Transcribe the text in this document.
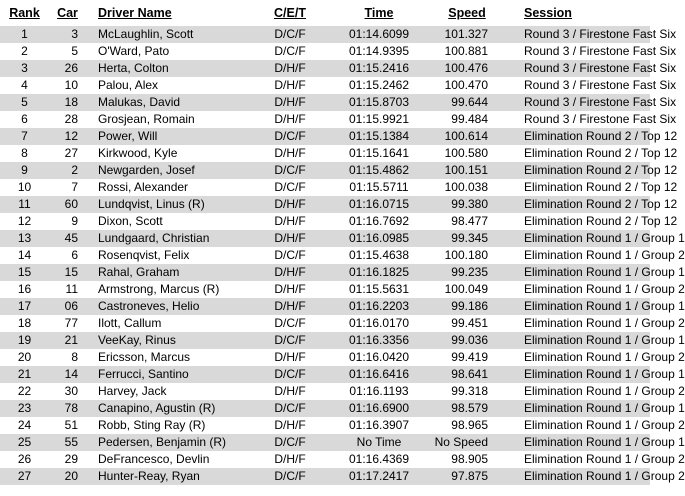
Rank	Car	Driver Name	C/E/T	Time	Speed	Session
1	3	McLaughlin, Scott	D/C/F	01:14.6099	101.327	Round 3 / Firestone Fast Six
2	5	O'Ward, Pato	D/C/F	01:14.9395	100.881	Round 3 / Firestone Fast Six
3	26	Herta, Colton	D/H/F	01:15.2416	100.476	Round 3 / Firestone Fast Six
4	10	Palou, Alex	D/H/F	01:15.2462	100.470	Round 3 / Firestone Fast Six
5	18	Malukas, David	D/H/F	01:15.8703	99.644	Round 3 / Firestone Fast Six
6	28	Grosjean, Romain	D/H/F	01:15.9921	99.484	Round 3 / Firestone Fast Six
7	12	Power, Will	D/C/F	01:15.1384	100.614	Elimination Round 2 / Top 12
8	27	Kirkwood, Kyle	D/H/F	01:15.1641	100.580	Elimination Round 2 / Top 12
9	2	Newgarden, Josef	D/C/F	01:15.4862	100.151	Elimination Round 2 / Top 12
10	7	Rossi, Alexander	D/C/F	01:15.5711	100.038	Elimination Round 2 / Top 12
11	60	Lundqvist, Linus (R)	D/H/F	01:16.0715	99.380	Elimination Round 2 / Top 12
12	9	Dixon, Scott	D/H/F	01:16.7692	98.477	Elimination Round 2 / Top 12
13	45	Lundgaard, Christian	D/H/F	01:16.0985	99.345	Elimination Round 1 / Group 1
14	6	Rosenqvist, Felix	D/C/F	01:15.4638	100.180	Elimination Round 1 / Group 2
15	15	Rahal, Graham	D/H/F	01:16.1825	99.235	Elimination Round 1 / Group 1
16	11	Armstrong, Marcus (R)	D/H/F	01:15.5631	100.049	Elimination Round 1 / Group 2
17	06	Castroneves, Helio	D/H/F	01:16.2203	99.186	Elimination Round 1 / Group 1
18	77	Ilott, Callum	D/C/F	01:16.0170	99.451	Elimination Round 1 / Group 2
19	21	VeeKay, Rinus	D/C/F	01:16.3356	99.036	Elimination Round 1 / Group 1
20	8	Ericsson, Marcus	D/H/F	01:16.0420	99.419	Elimination Round 1 / Group 2
21	14	Ferrucci, Santino	D/C/F	01:16.6416	98.641	Elimination Round 1 / Group 1
22	30	Harvey, Jack	D/H/F	01:16.1193	99.318	Elimination Round 1 / Group 2
23	78	Canapino, Agustin (R)	D/C/F	01:16.6900	98.579	Elimination Round 1 / Group 1
24	51	Robb, Sting Ray (R)	D/H/F	01:16.3907	98.965	Elimination Round 1 / Group 2
25	55	Pedersen, Benjamin (R)	D/C/F	No Time	No Speed	Elimination Round 1 / Group 1
26	29	DeFrancesco, Devlin	D/H/F	01:16.4369	98.905	Elimination Round 1 / Group 2
27	20	Hunter-Reay, Ryan	D/C/F	01:17.2417	97.875	Elimination Round 1 / Group 2
